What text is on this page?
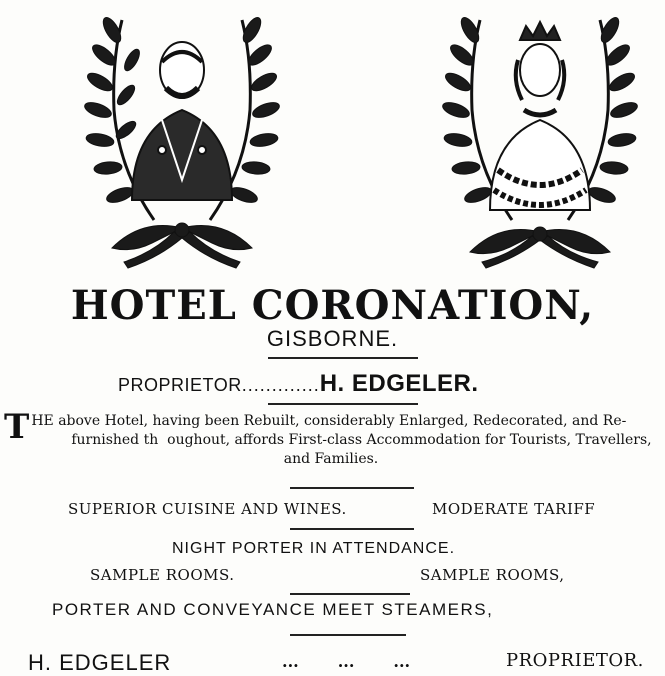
HOTEL CORONATION,
GISBORNE.
PROPRIETOR.............H. EDGELER.
T HE above Hotel, having been Rebuilt, considerably Enlarged, Redecorated, and Re-
furnished th  oughout, affords First-class Accommodation for Tourists, Travellers,

and Families.
SUPERIOR CUISINE AND WINES.	MODERATE TARIFF
NIGHT PORTER IN ATTENDANCE.
SAMPLE ROOMS.	SAMPLE ROOMS,
PORTER AND CONVEYANCE MEET STEAMERS,
H. EDGELER	...       ...       ...	PROPRIETOR.
